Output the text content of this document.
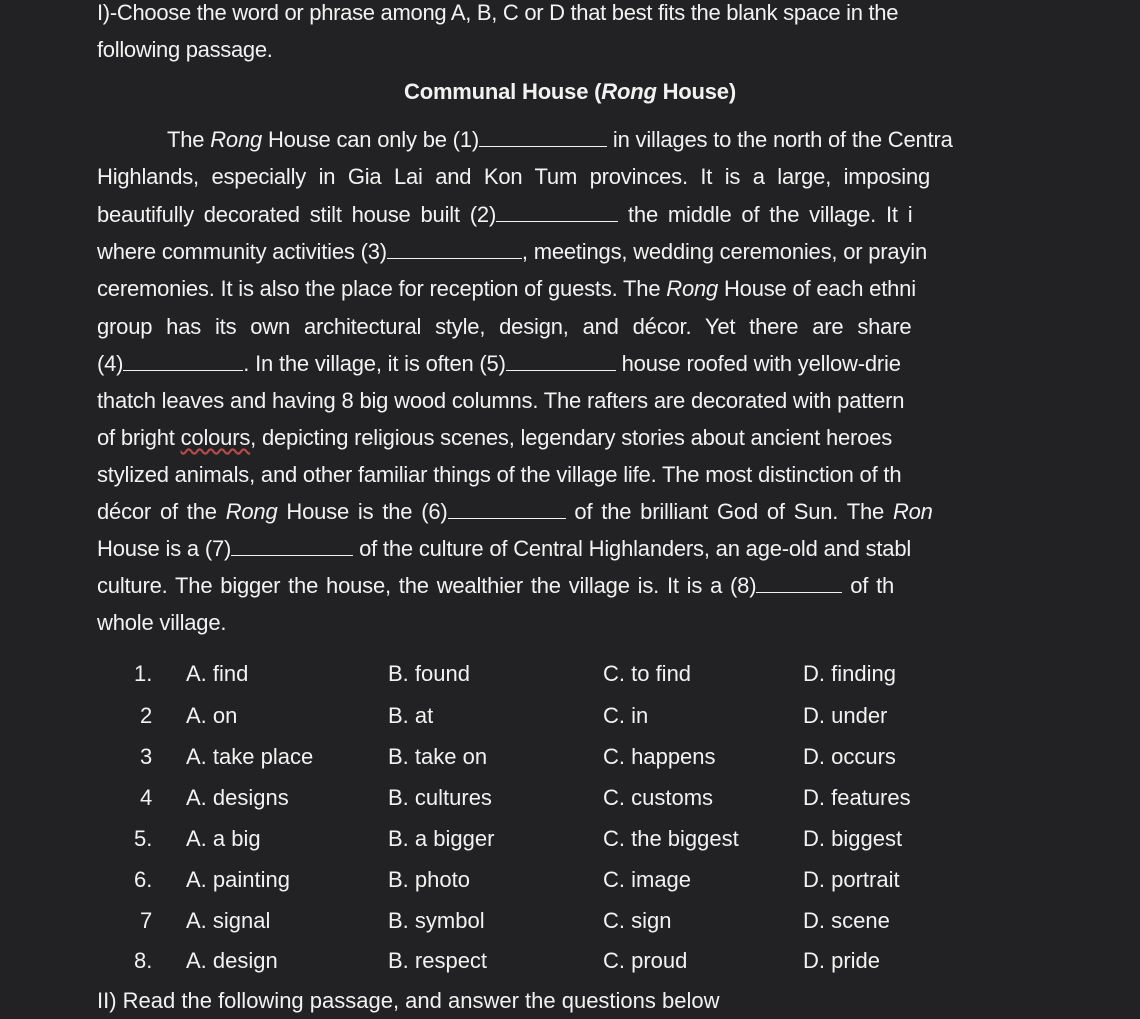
I)-Choose the word or phrase among A, B, C or D that best fits the blank space in the
following passage.
Communal House (Rong House)
The Rong House can only be (1)	in villages to the north of the Centra
Highlands, especially in Gia Lai and Kon Tum provinces. It is a large, imposing
beautifully decorated stilt house built (2)	the middle of the village. It i
where community activities (3)	, meetings, wedding ceremonies, or prayin
ceremonies. It is also the place for reception of guests. The Rong House of each ethni
group has its own architectural style, design, and décor. Yet there are share
(4)	. In the village, it is often (5)	house roofed with yellow-drie
thatch leaves and having 8 big wood columns. The rafters are decorated with pattern
of bright colours, depicting religious scenes, legendary stories about ancient heroes
stylized animals, and other familiar things of the village life. The most distinction of th
décor of the Rong House is the (6)	of the brilliant God of Sun. The Ron
House is a (7)	of the culture of Central Highlanders, an age-old and stabl
culture. The bigger the house, the wealthier the village is. It is a (8)	of th
whole village.
1. A. find	B. found	C. to find	D. finding
2 A. on	B. at	C. in	D. under
3 A. take place	B. take on	C. happens	D. occurs
4 A. designs	B. cultures	C. customs	D. features
5. A. a big	B. a bigger	C. the biggest	D. biggest
6. A. painting	B. photo	C. image	D. portrait
7 A. signal	B. symbol	C. sign	D. scene
8. A. design	B. respect	C. proud	D. pride
II) Read the following passage, and answer the questions below
